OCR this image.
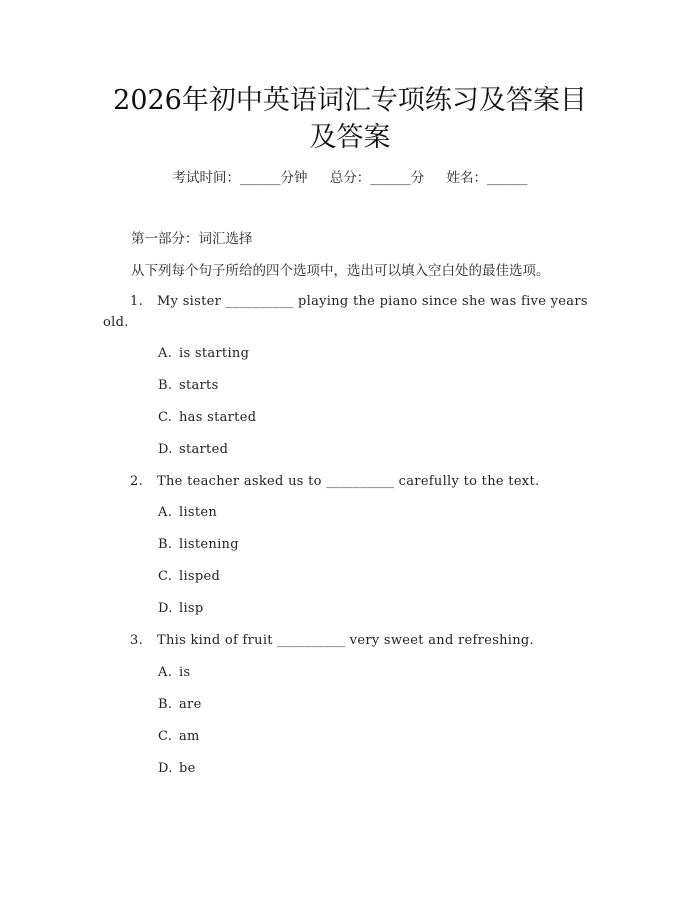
2026年初中英语词汇专项练习及答案目及答案
考试时间：______分钟 总分：______分 姓名：______
第一部分：词汇选择
从下列每个句子所给的四个选项中，选出可以填入空白处的最佳选项。
1. My sister __________ playing the piano since she was five years
old.
A. is starting
B. starts
C. has started
D. started
2. The teacher asked us to __________ carefully to the text.
A. listen
B. listening
C. lisped
D. lisp
3. This kind of fruit __________ very sweet and refreshing.
A. is
B. are
C. am
D. be
